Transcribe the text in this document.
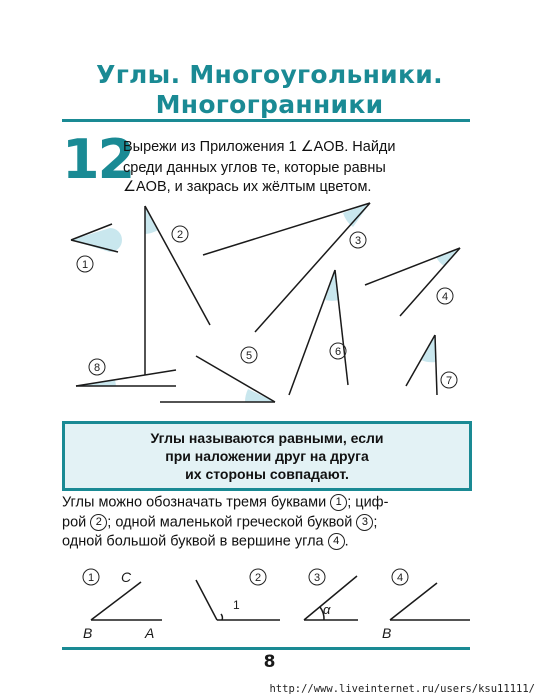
Углы. Многоугольники.
Многогранники
12
Вырежи из Приложения 1 ∠AOB. Найди
среди данных углов те, которые равны
∠AOB, и закрась их жёлтым цветом.
1
2	3
4
5	6
7
8
Углы называются равными, если
при наложении друг на друга
их стороны совпадают.
Углы можно обозначать тремя буквами 1 ; циф-
рой 2 ; одной маленькой греческой буквой 3 ;
одной большой буквой в вершине угла 4 .
1	2	3	4
C
B	A
1	α
B
8
http://www.liveinternet.ru/users/ksu11111/
